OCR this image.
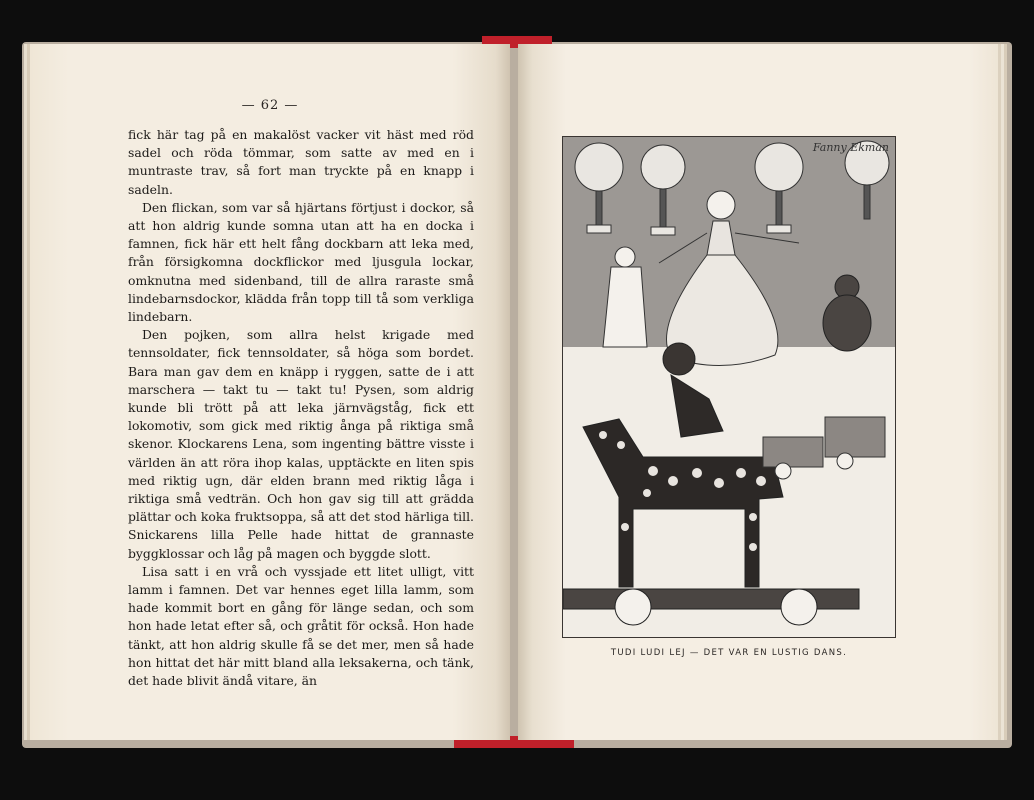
— 62 —

fick här tag på en makalöst vacker vit häst med röd sadel och röda tömmar, som satte av med en i muntraste trav, så fort man tryckte på en knapp i sadeln.

Den flickan, som var så hjärtans förtjust i dockor, så att hon aldrig kunde somna utan att ha en docka i famnen, fick här ett helt fång dockbarn att leka med, från försigkomna dockflickor med ljusgula lockar, omknutna med sidenband, till de allra raraste små lindebarnsdockor, klädda från topp till tå som verkliga lindebarn.

Den pojken, som allra helst krigade med tennsoldater, fick tennsoldater, så höga som bordet. Bara man gav dem en knäpp i ryggen, satte de i att marschera — takt tu — takt tu! Pysen, som aldrig kunde bli trött på att leka järnvägståg, fick ett lokomotiv, som gick med riktig ånga på riktiga små skenor. Klockarens Lena, som ingenting bättre visste i världen än att röra ihop kalas, upptäckte en liten spis med riktig ugn, där elden brann med riktig låga i riktiga små vedträn. Och hon gav sig till att grädda plättar och koka fruktsoppa, så att det stod härliga till. Snickarens lilla Pelle hade hittat de grannaste byggklossar och låg på magen och byggde slott.

Lisa satt i en vrå och vyssjade ett litet ulligt, vitt lamm i famnen. Det var hennes eget lilla lamm, som hade kommit bort en gång för länge sedan, och som hon hade letat efter så, och gråtit för också. Hon hade tänkt, att hon aldrig skulle få se det mer, men så hade hon hittat det här mitt bland alla leksakerna, och tänk, det hade blivit ändå vitare, än

Fanny Ekman
TUDI LUDI LEJ — DET VAR EN LUSTIG DANS.
